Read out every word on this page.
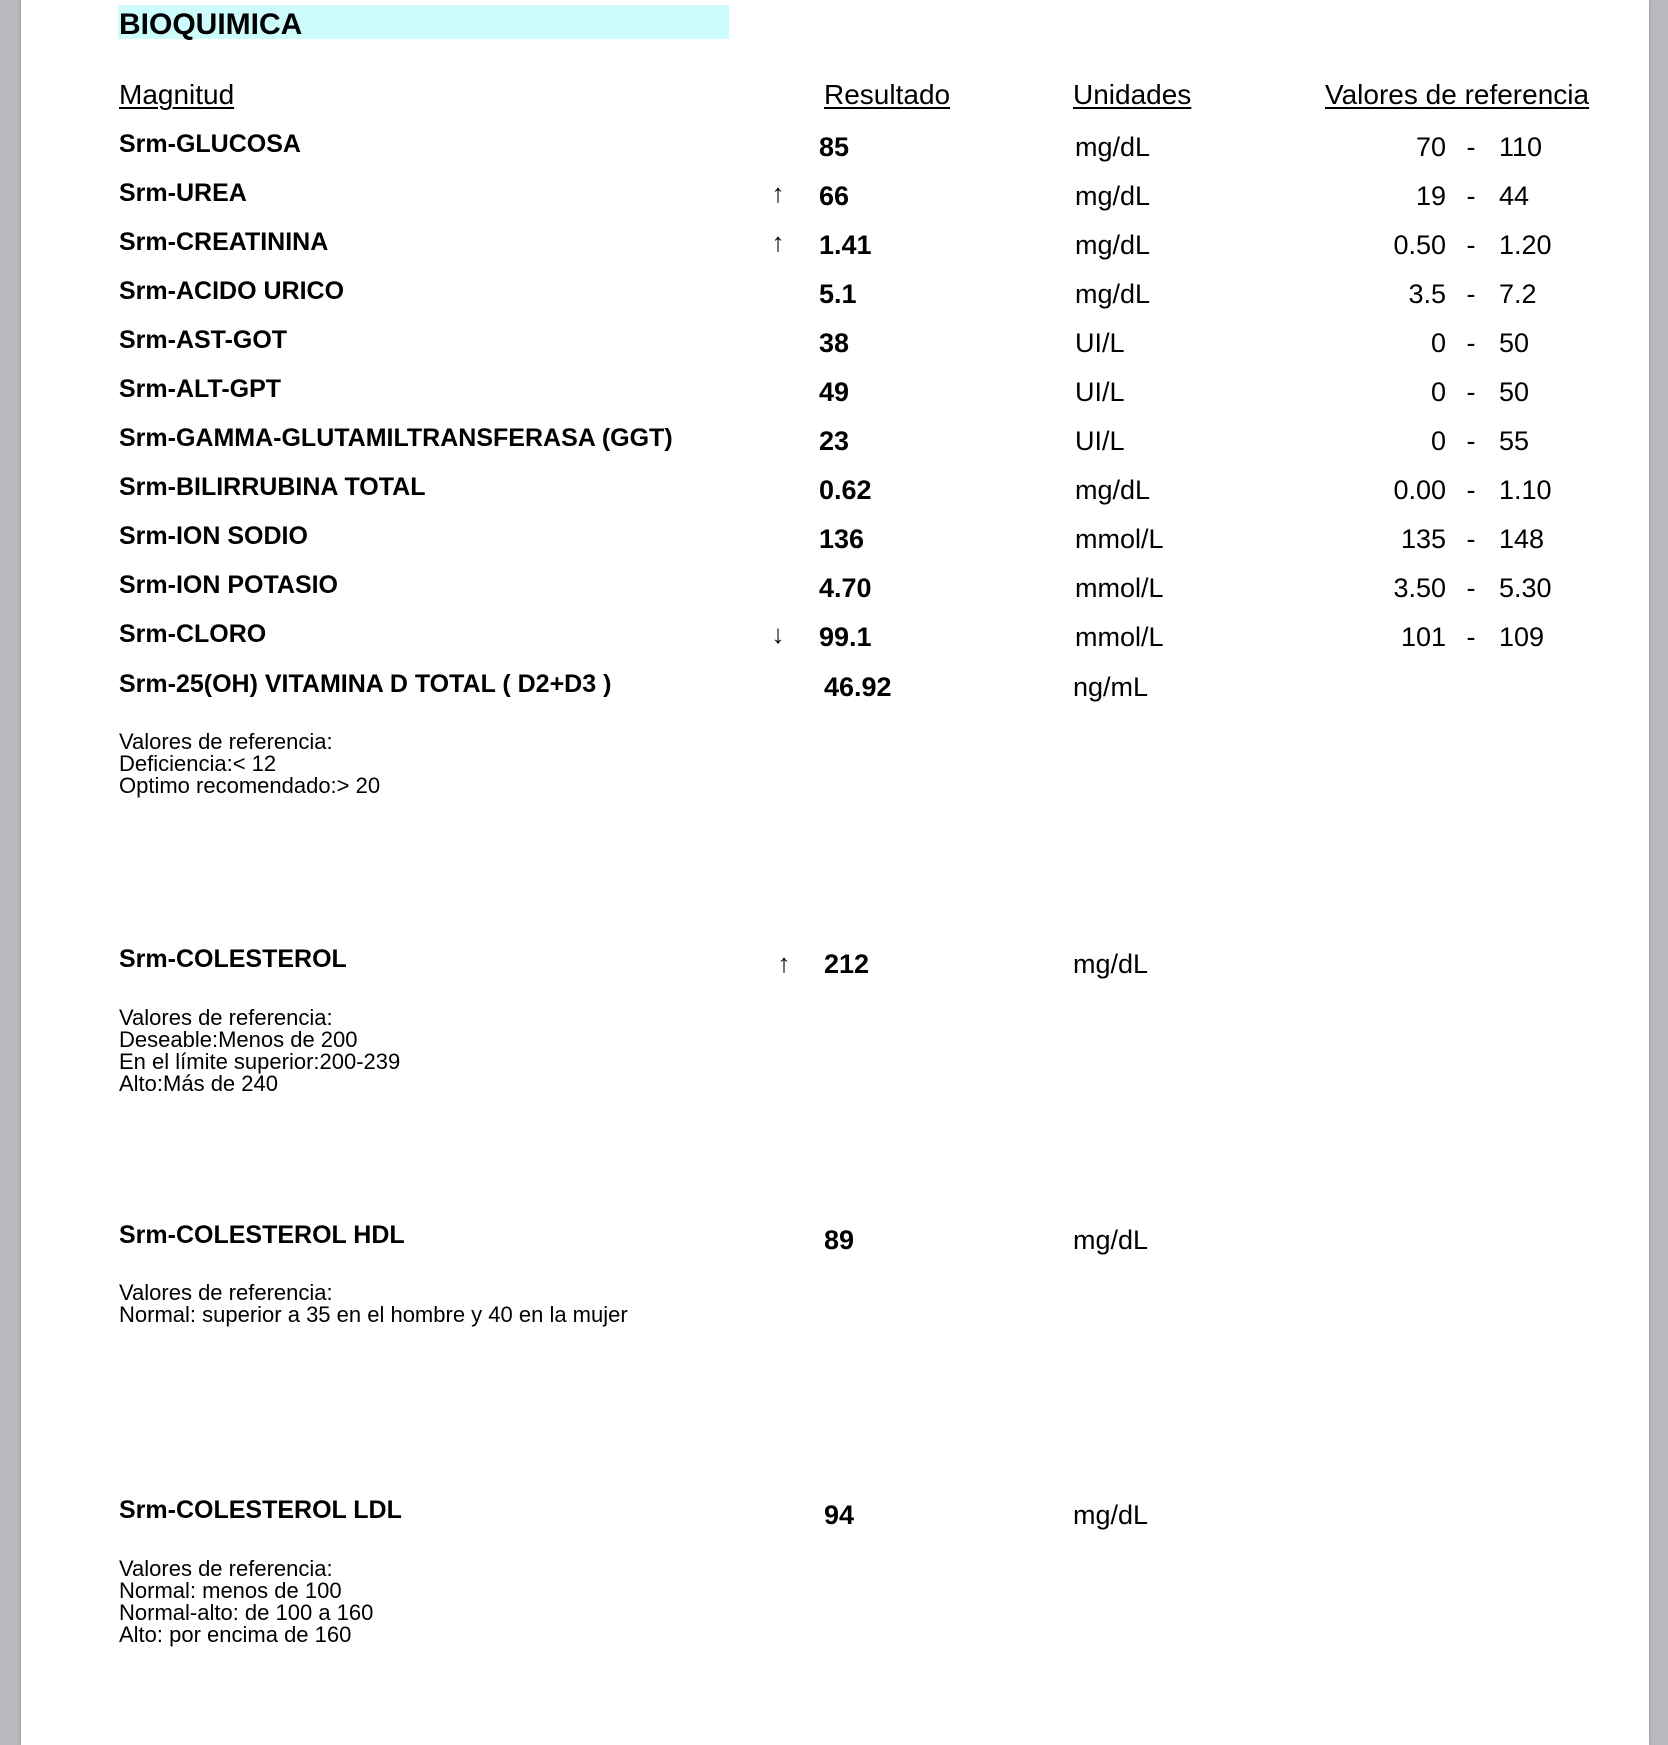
BIOQUIMICA
Magnitud	Resultado	Unidades	Valores de referencia
Srm-GLUCOSA	85	mg/dL	70 - 110
Srm-UREA	↑	66	mg/dL	19 - 44
Srm-CREATININA	↑	1.41	mg/dL	0.50 - 1.20
Srm-ACIDO URICO	5.1	mg/dL	3.5 - 7.2
Srm-AST-GOT	38	UI/L	0 - 50
Srm-ALT-GPT	49	UI/L	0 - 50
Srm-GAMMA-GLUTAMILTRANSFERASA (GGT)	23	UI/L	0 - 55
Srm-BILIRRUBINA TOTAL	0.62	mg/dL	0.00 - 1.10
Srm-ION SODIO	136	mmol/L	135 - 148
Srm-ION POTASIO	4.70	mmol/L	3.50 - 5.30
Srm-CLORO	↓	99.1	mmol/L	101 - 109
Srm-25(OH) VITAMINA D TOTAL ( D2+D3 )	46.92	ng/mL
Valores de referencia:
Deficiencia:< 12
Optimo recomendado:> 20
Srm-COLESTEROL	↑	212	mg/dL
Valores de referencia:
Deseable:Menos de 200
En el límite superior:200-239
Alto:Más de 240
Srm-COLESTEROL HDL	89	mg/dL
Valores de referencia:
Normal: superior a 35 en el hombre y 40 en la mujer
Srm-COLESTEROL LDL	94	mg/dL
Valores de referencia:
Normal: menos de 100
Normal-alto: de 100 a 160
Alto: por encima de 160
